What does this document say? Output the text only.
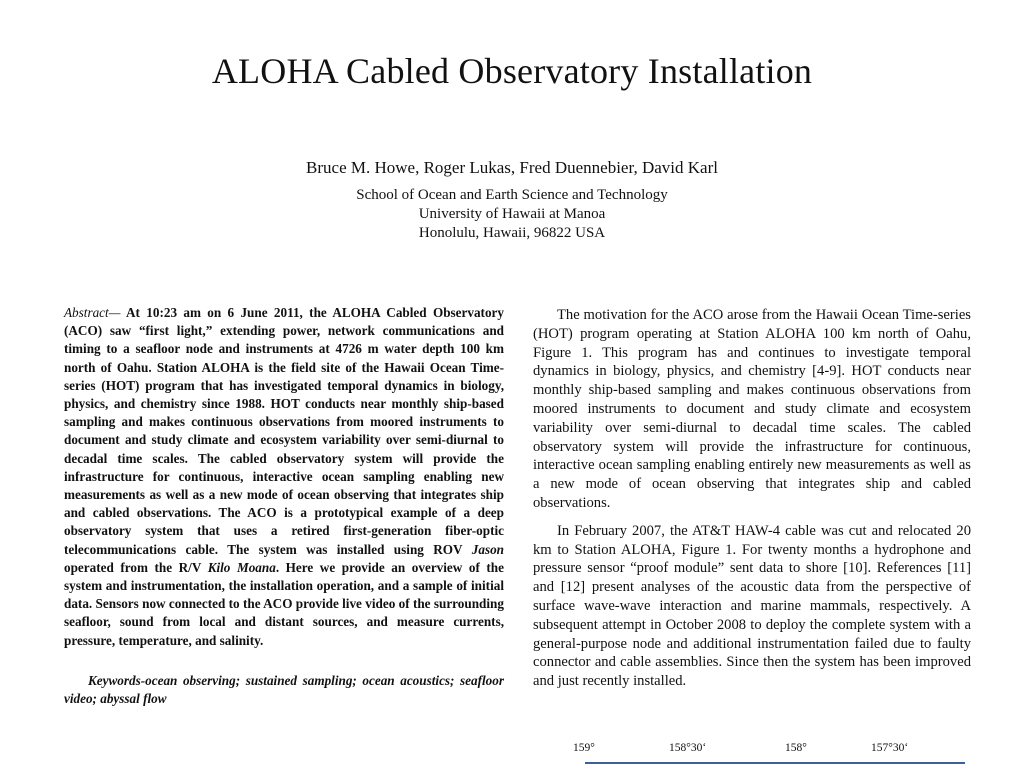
ALOHA Cabled Observatory Installation
Bruce M. Howe, Roger Lukas, Fred Duennebier, David Karl
School of Ocean and Earth Science and Technology
University of Hawaii at Manoa
Honolulu, Hawaii, 96822 USA

Abstract— At 10:23 am on 6 June 2011, the ALOHA Cabled Observatory (ACO) saw “first light,” extending power, network communications and timing to a seafloor node and instruments at 4726 m water depth 100 km north of Oahu. Station ALOHA is the field site of the Hawaii Ocean Time-series (HOT) program that has investigated temporal dynamics in biology, physics, and chemistry since 1988. HOT conducts near monthly ship-based sampling and makes continuous observations from moored instruments to document and study climate and ecosystem variability over semi-diurnal to decadal time scales. The cabled observatory system will provide the infrastructure for continuous, interactive ocean sampling enabling new measurements as well as a new mode of ocean observing that integrates ship and cabled observations. The ACO is a prototypical example of a deep observatory system that uses a retired first-generation fiber-optic telecommunications cable. The system was installed using ROV Jason operated from the R/V Kilo Moana. Here we provide an overview of the system and instrumentation, the installation operation, and a sample of initial data. Sensors now connected to the ACO provide live video of the surrounding seafloor, sound from local and distant sources, and measure currents, pressure, temperature, and salinity.

Keywords-ocean observing; sustained sampling; ocean acoustics; seafloor video; abyssal flow

The motivation for the ACO arose from the Hawaii Ocean Time-series (HOT) program operating at Station ALOHA 100 km north of Oahu, Figure 1. This program has and continues to investigate temporal dynamics in biology, physics, and chemistry [4-9]. HOT conducts near monthly ship-based sampling and makes continuous observations from moored instruments to document and study climate and ecosystem variability over semi-diurnal to decadal time scales. The cabled observatory system will provide the infrastructure for continuous, interactive ocean sampling enabling entirely new measurements as well as a new mode of ocean observing that integrates ship and cabled observations.

In February 2007, the AT&T HAW-4 cable was cut and relocated 20 km to Station ALOHA, Figure 1. For twenty months a hydrophone and pressure sensor “proof module” sent data to shore [10]. References [11] and [12] present analyses of the acoustic data from the perspective of surface wave-wave interaction and marine mammals, respectively. A subsequent attempt in October 2008 to deploy the complete system with a general-purpose node and additional instrumentation failed due to faulty connector and cable assemblies. Since then the system has been improved and just recently installed.

159°	158°30‘	158°	157°30‘
